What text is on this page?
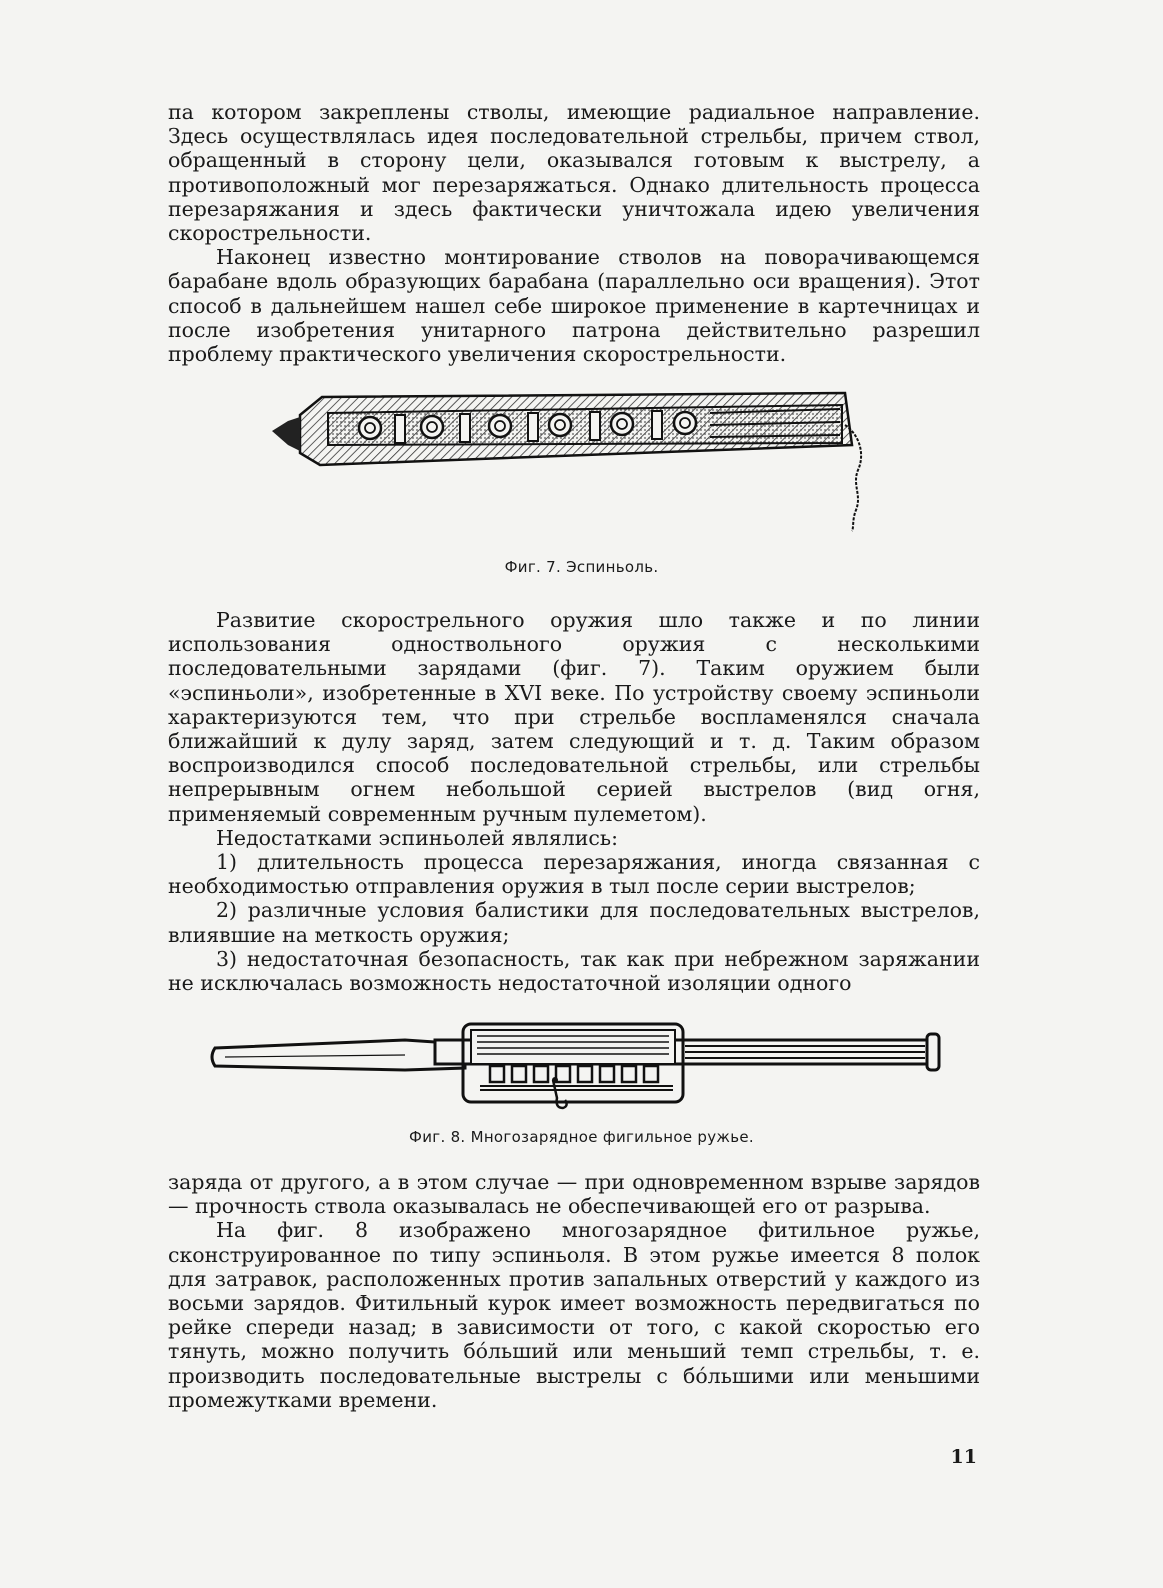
па котором закреплены стволы, имеющие радиальное направление. Здесь осуществлялась идея последовательной стрельбы, причем ствол, обращенный в сторону цели, оказывался готовым к выстрелу, а противоположный мог перезаряжаться. Однако длительность процесса перезаряжания и здесь фактически уничтожала идею увеличения скорострельности.

Наконец известно монтирование стволов на поворачивающемся барабане вдоль образующих барабана (параллельно оси вращения). Этот способ в дальнейшем нашел себе широкое применение в картечницах и после изобретения унитарного патрона действительно разрешил проблему практического увеличения скорострельности.

Фиг. 7. Эспиньоль.

Развитие скорострельного оружия шло также и по линии использования одноствольного оружия с несколькими последовательными зарядами (фиг. 7). Таким оружием были «эспиньоли», изобретенные в XVI веке. По устройству своему эспиньоли характеризуются тем, что при стрельбе воспламенялся сначала ближайший к дулу заряд, затем следующий и т. д. Таким образом воспроизводился способ последовательной стрельбы, или стрельбы непрерывным огнем небольшой серией выстрелов (вид огня, применяемый современным ручным пулеметом).

Недостатками эспиньолей являлись:

1) длительность процесса перезаряжания, иногда связанная с необходимостью отправления оружия в тыл после серии выстрелов;

2) различные условия балистики для последовательных выстрелов, влиявшие на меткость оружия;

3) недостаточная безопасность, так как при небрежном заряжании не исключалась возможность недостаточной изоляции одного

Фиг. 8. Многозарядное фигильное ружье.

заряда от другого, а в этом случае — при одновременном взрыве зарядов — прочность ствола оказывалась не обеспечивающей его от разрыва.

На фиг. 8 изображено многозарядное фитильное ружье, сконструированное по типу эспиньоля. В этом ружье имеется 8 полок для затравок, расположенных против запальных отверстий у каждого из восьми зарядов. Фитильный курок имеет возможность передвигаться по рейке спереди назад; в зависимости от того, с какой скоростью его тянуть, можно получить бо́льший или меньший темп стрельбы, т. е. производить последовательные выстрелы с бо́льшими или меньшими промежутками времени.

11
